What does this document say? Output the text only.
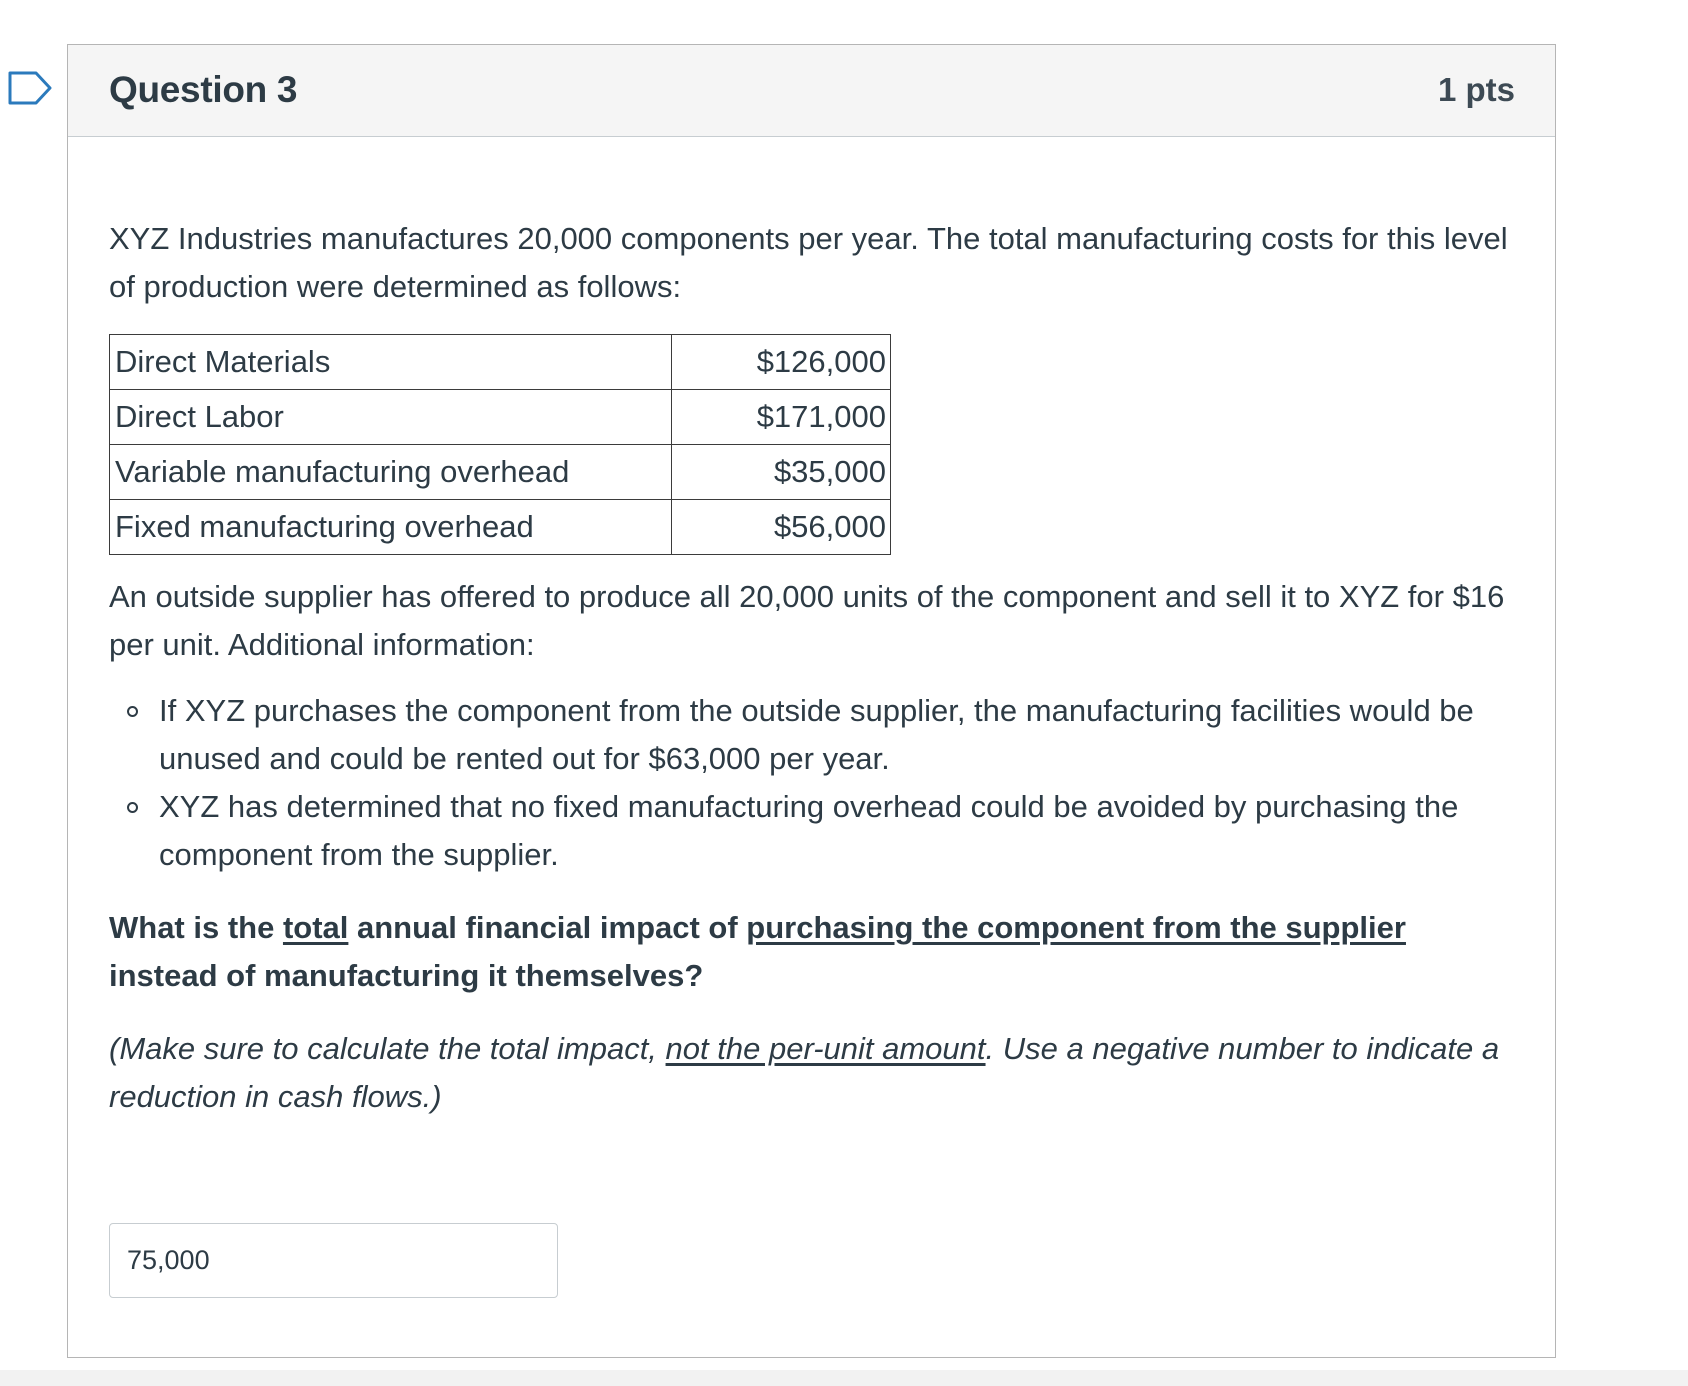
Question 3	1 pts

XYZ Industries manufactures 20,000 components per year. The total manufacturing costs for this level of production were determined as follows:

Direct Materials	$126,000
Direct Labor	$171,000
Variable manufacturing overhead	$35,000
Fixed manufacturing overhead	$56,000

An outside supplier has offered to produce all 20,000 units of the component and sell it to XYZ for $16 per unit. Additional information:

If XYZ purchases the component from the outside supplier, the manufacturing facilities would be unused and could be rented out for $63,000 per year.
XYZ has determined that no fixed manufacturing overhead could be avoided by purchasing the component from the supplier.

What is the total annual financial impact of purchasing the component from the supplier instead of manufacturing it themselves?

(Make sure to calculate the total impact, not the per-unit amount. Use a negative number to indicate a reduction in cash flows.)

75,000
